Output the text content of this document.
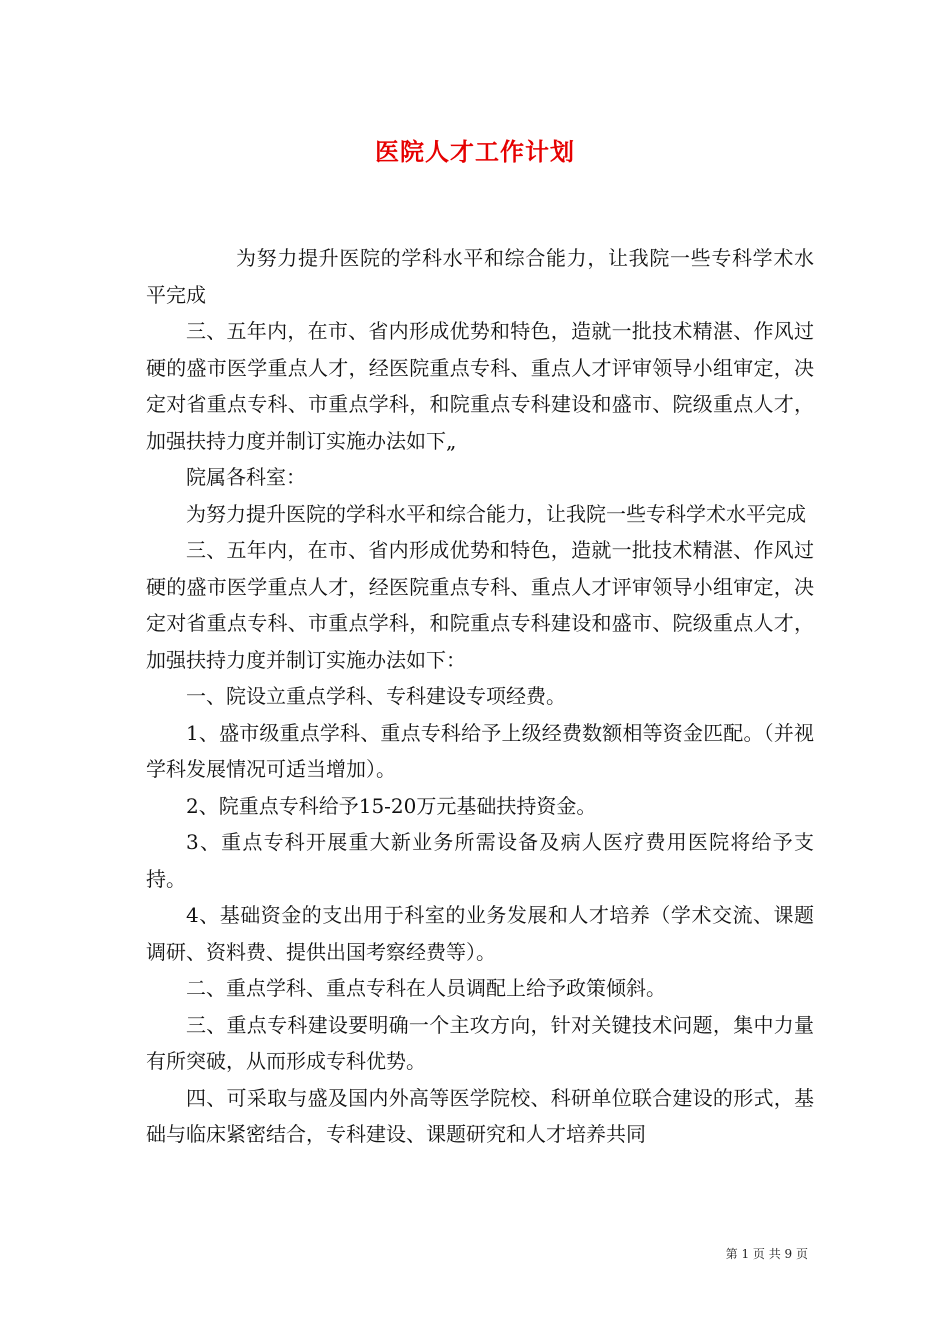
医院人才工作计划

为努力提升医院的学科水平和综合能力，让我院一些专科学术水平完成

三、五年内，在市、省内形成优势和特色，造就一批技术精湛、作风过硬的盛市医学重点人才，经医院重点专科、重点人才评审领导小组审定，决定对省重点专科、市重点学科，和院重点专科建设和盛市、院级重点人才，加强扶持力度并制订实施办法如下„

院属各科室：

为努力提升医院的学科水平和综合能力，让我院一些专科学术水平完成

三、五年内，在市、省内形成优势和特色，造就一批技术精湛、作风过硬的盛市医学重点人才，经医院重点专科、重点人才评审领导小组审定，决定对省重点专科、市重点学科，和院重点专科建设和盛市、院级重点人才，加强扶持力度并制订实施办法如下：

一、院设立重点学科、专科建设专项经费。

1、盛市级重点学科、重点专科给予上级经费数额相等资金匹配。（并视学科发展情况可适当增加）。

2、院重点专科给予15-20万元基础扶持资金。

3、重点专科开展重大新业务所需设备及病人医疗费用医院将给予支持。

4、基础资金的支出用于科室的业务发展和人才培养（学术交流、课题调研、资料费、提供出国考察经费等）。

二、重点学科、重点专科在人员调配上给予政策倾斜。

三、重点专科建设要明确一个主攻方向，针对关键技术问题，集中力量有所突破，从而形成专科优势。

四、可采取与盛及国内外高等医学院校、科研单位联合建设的形式，基础与临床紧密结合，专科建设、课题研究和人才培养共同

第 1 页 共 9 页
